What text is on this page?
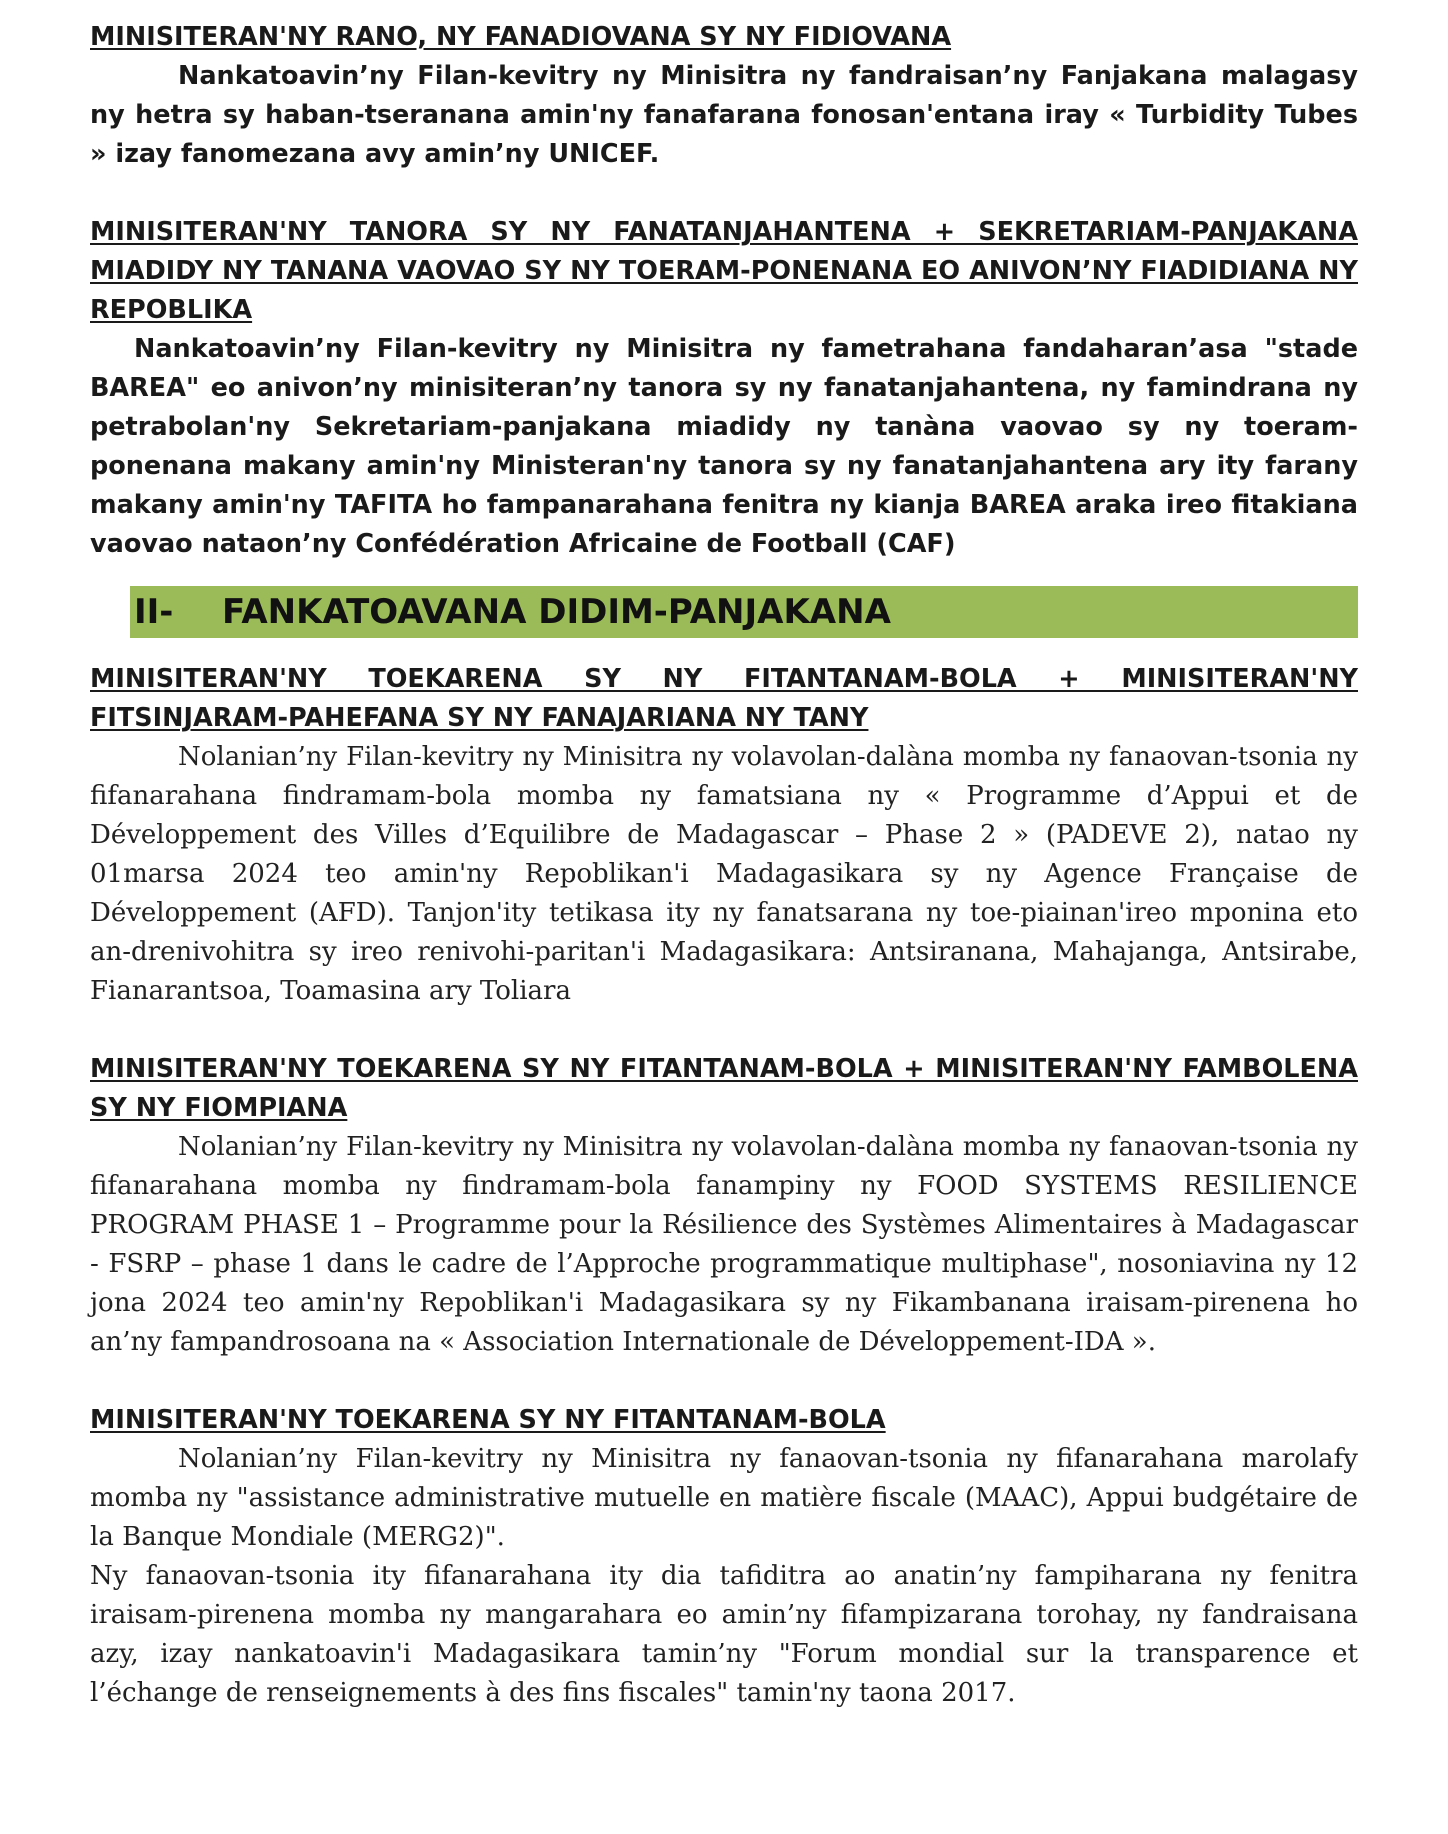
MINISITERAN'NY RANO, NY FANADIOVANA SY NY FIDIOVANA

Nankatoavin’ny Filan-kevitry ny Minisitra ny fandraisan’ny Fanjakana malagasy ny hetra sy haban-tseranana amin'ny fanafarana fonosan'entana iray « Turbidity Tubes » izay fanomezana avy amin’ny UNICEF.

MINISITERAN'NY TANORA SY NY FANATANJAHANTENA + SEKRETARIAM-PANJAKANA MIADIDY NY TANANA VAOVAO SY NY TOERAM-PONENANA EO ANIVON’NY FIADIDIANA NY REPOBLIKA

Nankatoavin’ny Filan-kevitry ny Minisitra ny fametrahana fandaharan’asa "stade BAREA" eo anivon’ny minisiteran’ny tanora sy ny fanatanjahantena, ny famindrana ny petrabolan'ny Sekretariam-panjakana miadidy ny tanàna vaovao sy ny toeram-ponenana makany amin'ny Ministeran'ny tanora sy ny fanatanjahantena ary ity farany makany amin'ny TAFITA ho fampanarahana fenitra ny kianja BAREA araka ireo fitakiana vaovao nataon’ny Confédération Africaine de Football (CAF)

II-	FANKATOAVANA DIDIM-PANJAKANA
MINISITERAN'NY TOEKARENA SY NY FITANTANAM-BOLA + MINISITERAN'NY FITSINJARAM-PAHEFANA SY NY FANAJARIANA NY TANY

Nolanian’ny Filan-kevitry ny Minisitra ny volavolan-dalàna momba ny fanaovan-tsonia ny fifanarahana findramam-bola momba ny famatsiana ny « Programme d’Appui et de Développement des Villes d’Equilibre de Madagascar – Phase 2 » (PADEVE 2), natao ny 01marsa 2024 teo amin'ny Repoblikan'i Madagasikara sy ny Agence Française de Développement (AFD). Tanjon'ity tetikasa ity ny fanatsarana ny toe-piainan'ireo mponina eto an-drenivohitra sy ireo renivohi-paritan'i Madagasikara: Antsiranana, Mahajanga, Antsirabe, Fianarantsoa, Toamasina ary Toliara

MINISITERAN'NY TOEKARENA SY NY FITANTANAM-BOLA + MINISITERAN'NY FAMBOLENA SY NY FIOMPIANA

Nolanian’ny Filan-kevitry ny Minisitra ny volavolan-dalàna momba ny fanaovan-tsonia ny fifanarahana momba ny findramam-bola fanampiny ny FOOD SYSTEMS RESILIENCE PROGRAM PHASE 1 – Programme pour la Résilience des Systèmes Alimentaires à Madagascar - FSRP – phase 1 dans le cadre de l’Approche programmatique multiphase", nosoniavina ny 12 jona 2024 teo amin'ny Repoblikan'i Madagasikara sy ny Fikambanana iraisam-pirenena ho an’ny fampandrosoana na « Association Internationale de Développement-IDA ».

MINISITERAN'NY TOEKARENA SY NY FITANTANAM-BOLA

Nolanian’ny Filan-kevitry ny Minisitra ny fanaovan-tsonia ny fifanarahana marolafy momba ny "assistance administrative mutuelle en matière fiscale (MAAC), Appui budgétaire de la Banque Mondiale (MERG2)".

Ny fanaovan-tsonia ity fifanarahana ity dia tafiditra ao anatin’ny fampiharana ny fenitra iraisam-pirenena momba ny mangarahara eo amin’ny fifampizarana torohay, ny fandraisana azy, izay nankatoavin'i Madagasikara tamin’ny "Forum mondial sur la transparence et l’échange de renseignements à des fins fiscales" tamin'ny taona 2017.
